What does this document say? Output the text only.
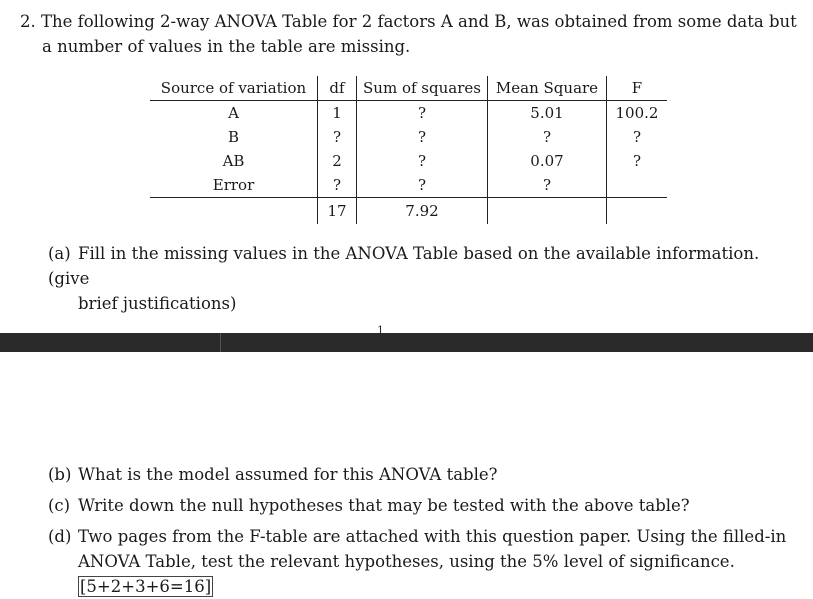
2. The following 2-way ANOVA Table for 2 factors A and B, was obtained from some data but
a number of values in the table are missing.
Source of variation	df	Sum of squares	Mean Square	F
A	1	?	5.01	100.2
B	?	?	?	?
AB	2	?	0.07	?
Error	?	?	?	
	17	7.92		
(a) Fill in the missing values in the ANOVA Table based on the available information. (give
brief justifications)
1
(b) What is the model assumed for this ANOVA table?
(c) Write down the null hypotheses that may be tested with the above table?
(d) Two pages from the F-table are attached with this question paper. Using the filled-in
ANOVA Table, test the relevant hypotheses, using the 5% level of significance. [5+2+3+6=16]
